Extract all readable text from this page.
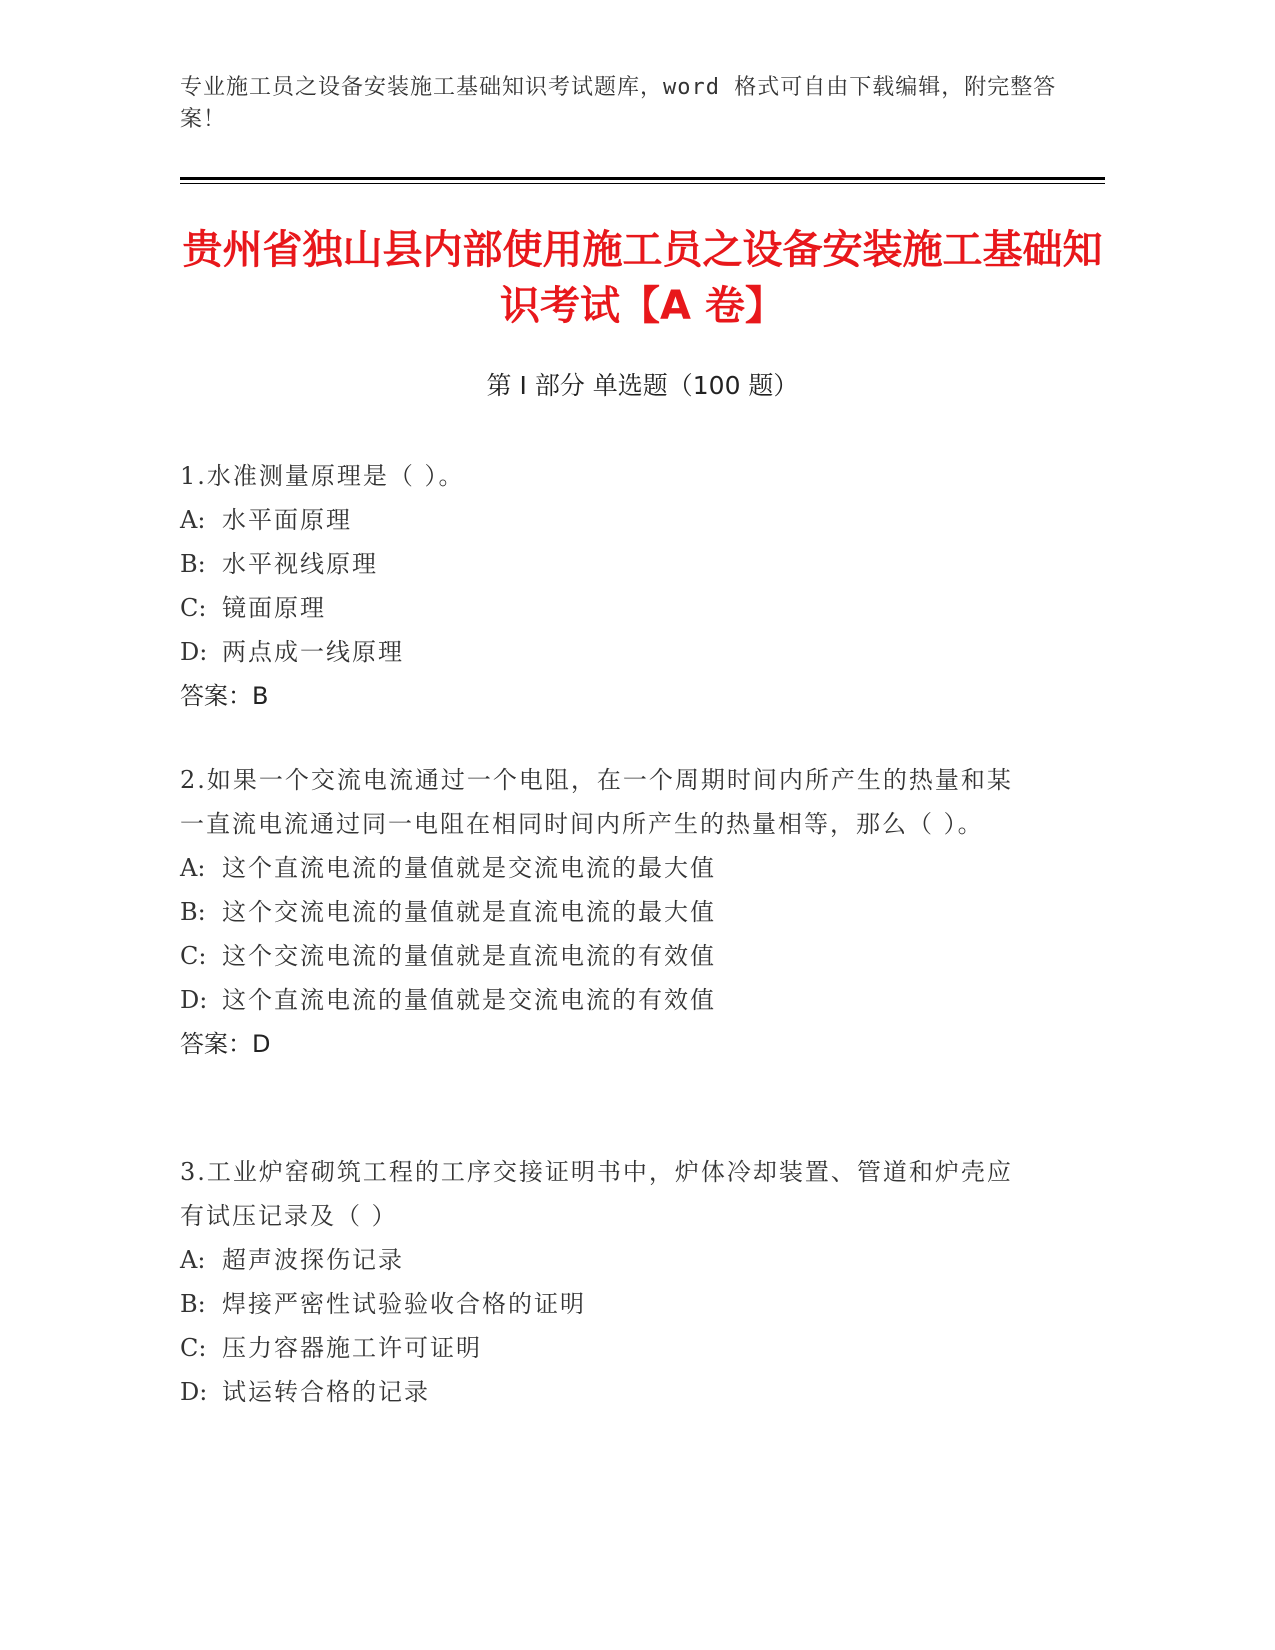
专业施工员之设备安装施工基础知识考试题库，word 格式可自由下载编辑，附完整答案！
贵州省独山县内部使用施工员之设备安装施工基础知识考试【A 卷】
第 I 部分 单选题（100 题）

1.水准测量原理是（ ）。

A: 水平面原理

B: 水平视线原理

C: 镜面原理

D: 两点成一线原理

答案：B

2.如果一个交流电流通过一个电阻，在一个周期时间内所产生的热量和某一直流电流通过同一电阻在相同时间内所产生的热量相等，那么（ ）。

A: 这个直流电流的量值就是交流电流的最大值

B: 这个交流电流的量值就是直流电流的最大值

C: 这个交流电流的量值就是直流电流的有效值

D: 这个直流电流的量值就是交流电流的有效值

答案：D

3.工业炉窑砌筑工程的工序交接证明书中，炉体冷却装置、管道和炉壳应有试压记录及（ ）

A: 超声波探伤记录

B: 焊接严密性试验验收合格的证明

C: 压力容器施工许可证明

D: 试运转合格的记录
